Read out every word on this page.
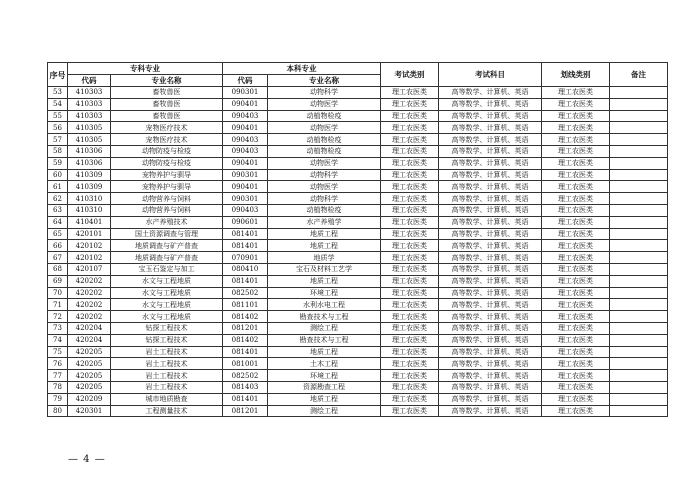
序号	专科专业		本科专业		考试类别	考试科目	划线类别	备注
	代码	专业名称	代码	专业名称				
53	410303	畜牧兽医	090301	动物科学	理工农医类	高等数学、计算机、英语	理工农医类	
54	410303	畜牧兽医	090401	动物医学	理工农医类	高等数学、计算机、英语	理工农医类	
55	410303	畜牧兽医	090403	动植物检疫	理工农医类	高等数学、计算机、英语	理工农医类	
56	410305	宠物医疗技术	090401	动物医学	理工农医类	高等数学、计算机、英语	理工农医类	
57	410305	宠物医疗技术	090403	动植物检疫	理工农医类	高等数学、计算机、英语	理工农医类	
58	410306	动物防疫与检疫	090403	动植物检疫	理工农医类	高等数学、计算机、英语	理工农医类	
59	410306	动物防疫与检疫	090401	动物医学	理工农医类	高等数学、计算机、英语	理工农医类	
60	410309	宠物养护与驯导	090301	动物科学	理工农医类	高等数学、计算机、英语	理工农医类	
61	410309	宠物养护与驯导	090401	动物医学	理工农医类	高等数学、计算机、英语	理工农医类	
62	410310	动物营养与饲料	090301	动物科学	理工农医类	高等数学、计算机、英语	理工农医类	
63	410310	动物营养与饲料	090403	动植物检疫	理工农医类	高等数学、计算机、英语	理工农医类	
64	410401	水产养殖技术	090601	水产养殖学	理工农医类	高等数学、计算机、英语	理工农医类	
65	420101	国土资源调查与管理	081401	地质工程	理工农医类	高等数学、计算机、英语	理工农医类	
66	420102	地质调查与矿产普查	081401	地质工程	理工农医类	高等数学、计算机、英语	理工农医类	
67	420102	地质调查与矿产普查	070901	地质学	理工农医类	高等数学、计算机、英语	理工农医类	
68	420107	宝玉石鉴定与加工	080410	宝石及材料工艺学	理工农医类	高等数学、计算机、英语	理工农医类	
69	420202	水文与工程地质	081401	地质工程	理工农医类	高等数学、计算机、英语	理工农医类	
70	420202	水文与工程地质	082502	环境工程	理工农医类	高等数学、计算机、英语	理工农医类	
71	420202	水文与工程地质	081101	水利水电工程	理工农医类	高等数学、计算机、英语	理工农医类	
72	420202	水文与工程地质	081402	勘查技术与工程	理工农医类	高等数学、计算机、英语	理工农医类	
73	420204	钻探工程技术	081201	测绘工程	理工农医类	高等数学、计算机、英语	理工农医类	
74	420204	钻探工程技术	081402	勘查技术与工程	理工农医类	高等数学、计算机、英语	理工农医类	
75	420205	岩土工程技术	081401	地质工程	理工农医类	高等数学、计算机、英语	理工农医类	
76	420205	岩土工程技术	081001	土木工程	理工农医类	高等数学、计算机、英语	理工农医类	
77	420205	岩土工程技术	082502	环境工程	理工农医类	高等数学、计算机、英语	理工农医类	
78	420205	岩土工程技术	081403	资源勘查工程	理工农医类	高等数学、计算机、英语	理工农医类	
79	420209	城市地质勘查	081401	地质工程	理工农医类	高等数学、计算机、英语	理工农医类	
80	420301	工程测量技术	081201	测绘工程	理工农医类	高等数学、计算机、英语	理工农医类	
— 4 —
